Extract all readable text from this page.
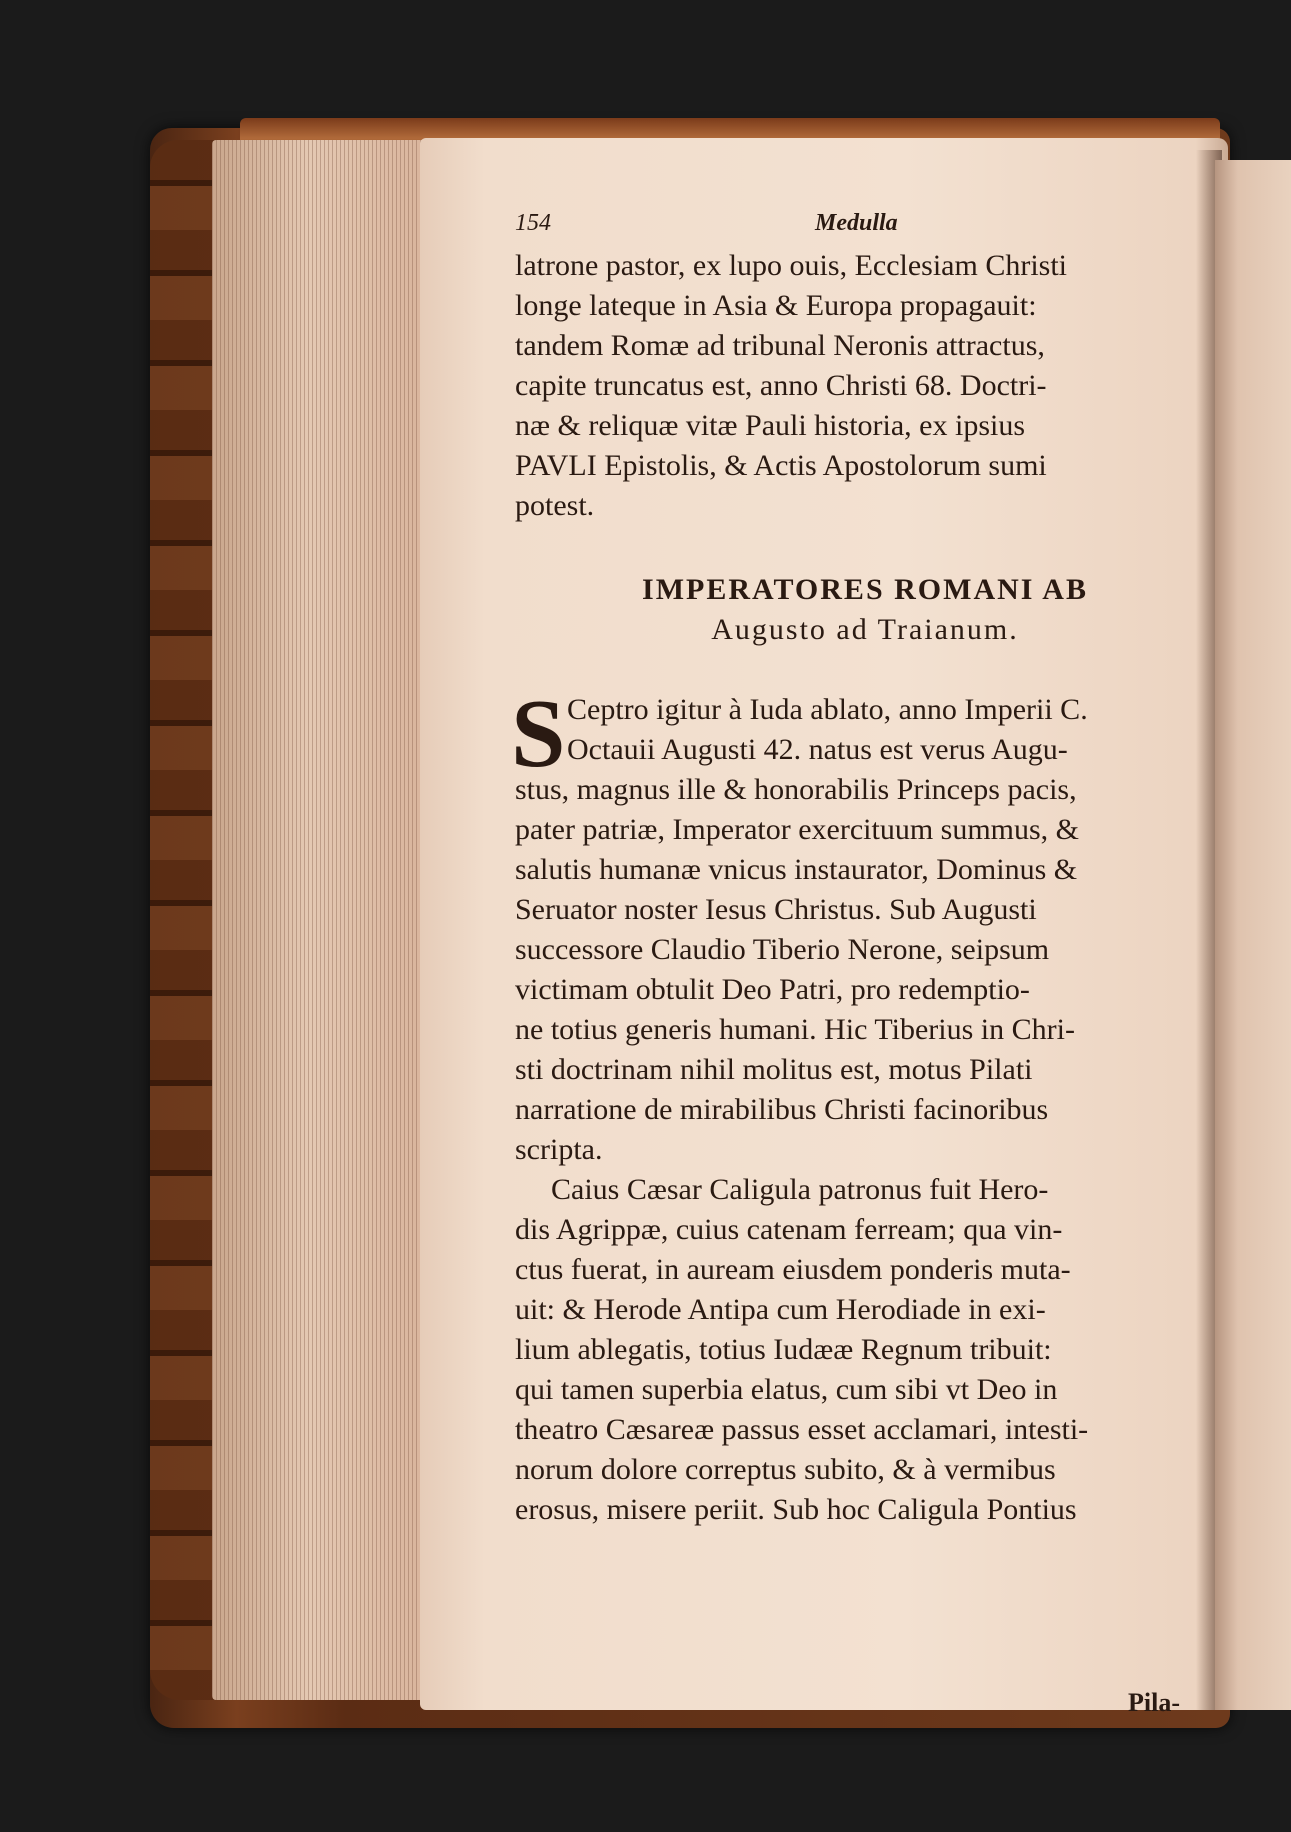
154	Medulla
latrone pastor, ex lupo ouis, Ecclesiam Christi
longe lateque in Asia & Europa propagauit:
tandem Romæ ad tribunal Neronis attractus,
capite truncatus est, anno Christi 68. Doctri-
næ & reliquæ vitæ Pauli historia, ex ipsius
PAVLI Epistolis, & Actis Apostolorum sumi
potest.
IMPERATORES ROMANI AB
Augusto ad Traianum.
S Ceptro igitur à Iuda ablato, anno Imperii C.
Octauii Augusti 42. natus est verus Augu-
stus, magnus ille & honorabilis Princeps pacis,
pater patriæ, Imperator exercituum summus, &
salutis humanæ vnicus instaurator, Dominus &
Seruator noster Iesus Christus. Sub Augusti
successore Claudio Tiberio Nerone, seipsum
victimam obtulit Deo Patri, pro redemptio-
ne totius generis humani. Hic Tiberius in Chri-
sti doctrinam nihil molitus est, motus Pilati
narratione de mirabilibus Christi facinoribus
scripta.
Caius Cæsar Caligula patronus fuit Hero-
dis Agrippæ, cuius catenam ferream; qua vin-
ctus fuerat, in auream eiusdem ponderis muta-
uit: & Herode Antipa cum Herodiade in exi-
lium ablegatis, totius Iudææ Regnum tribuit:
qui tamen superbia elatus, cum sibi vt Deo in
theatro Cæsareæ passus esset acclamari, intesti-
norum dolore correptus subito, & à vermibus
erosus, misere periit. Sub hoc Caligula Pontius
Pila-
